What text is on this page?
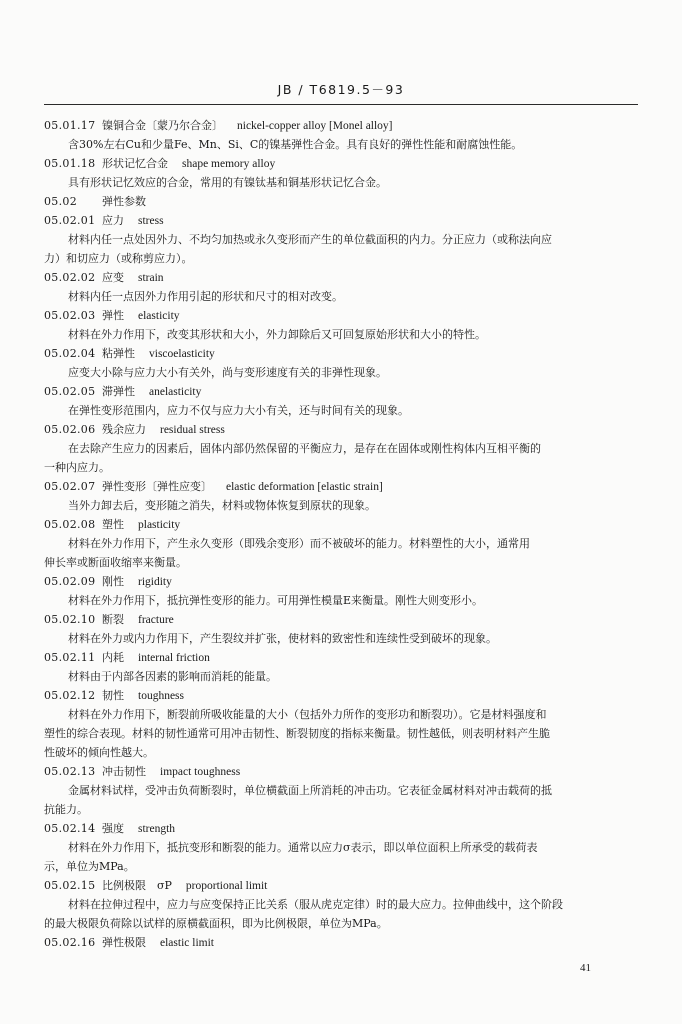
JB / T6819.5－93
05.01.17 镍铜合金〔蒙乃尔合金〕 nickel-copper alloy [Monel alloy]
含30%左右Cu和少量Fe、Mn、Si、C的镍基弹性合金。具有良好的弹性性能和耐腐蚀性能。
05.01.18 形状记忆合金 shape memory alloy
具有形状记忆效应的合金，常用的有镍钛基和铜基形状记忆合金。
05.02 弹性参数
05.02.01 应力 stress
材料内任一点处因外力、不均匀加热或永久变形而产生的单位截面积的内力。分正应力（或称法向应
力）和切应力（或称剪应力）。
05.02.02 应变 strain
材料内任一点因外力作用引起的形状和尺寸的相对改变。
05.02.03 弹性 elasticity
材料在外力作用下，改变其形状和大小，外力卸除后又可回复原始形状和大小的特性。
05.02.04 粘弹性 viscoelasticity
应变大小除与应力大小有关外，尚与变形速度有关的非弹性现象。
05.02.05 滞弹性 anelasticity
在弹性变形范围内，应力不仅与应力大小有关，还与时间有关的现象。
05.02.06 残余应力 residual stress
在去除产生应力的因素后，固体内部仍然保留的平衡应力，是存在在固体或刚性构体内互相平衡的
一种内应力。
05.02.07 弹性变形〔弹性应变〕 elastic deformation [elastic strain]
当外力卸去后，变形随之消失，材料或物体恢复到原状的现象。
05.02.08 塑性 plasticity
材料在外力作用下，产生永久变形（即残余变形）而不被破坏的能力。材料塑性的大小，通常用
伸长率或断面收缩率来衡量。
05.02.09 刚性 rigidity
材料在外力作用下，抵抗弹性变形的能力。可用弹性模量E来衡量。刚性大则变形小。
05.02.10 断裂 fracture
材料在外力或内力作用下，产生裂纹并扩张，使材料的致密性和连续性受到破坏的现象。
05.02.11 内耗 internal friction
材料由于内部各因素的影响而消耗的能量。
05.02.12 韧性 toughness
材料在外力作用下，断裂前所吸收能量的大小（包括外力所作的变形功和断裂功）。它是材料强度和
塑性的综合表现。材料的韧性通常可用冲击韧性、断裂韧度的指标来衡量。韧性越低，则表明材料产生脆
性破坏的倾向性越大。
05.02.13 冲击韧性 impact toughness
金属材料试样，受冲击负荷断裂时，单位横截面上所消耗的冲击功。它表征金属材料对冲击载荷的抵
抗能力。
05.02.14 强度 strength
材料在外力作用下，抵抗变形和断裂的能力。通常以应力σ表示，即以单位面积上所承受的载荷表
示，单位为MPa。
05.02.15 比例极限　σP proportional limit
材料在拉伸过程中，应力与应变保持正比关系（服从虎克定律）时的最大应力。拉伸曲线中，这个阶段
的最大极限负荷除以试样的原横截面积，即为比例极限，单位为MPa。
05.02.16 弹性极限 elastic limit
41
